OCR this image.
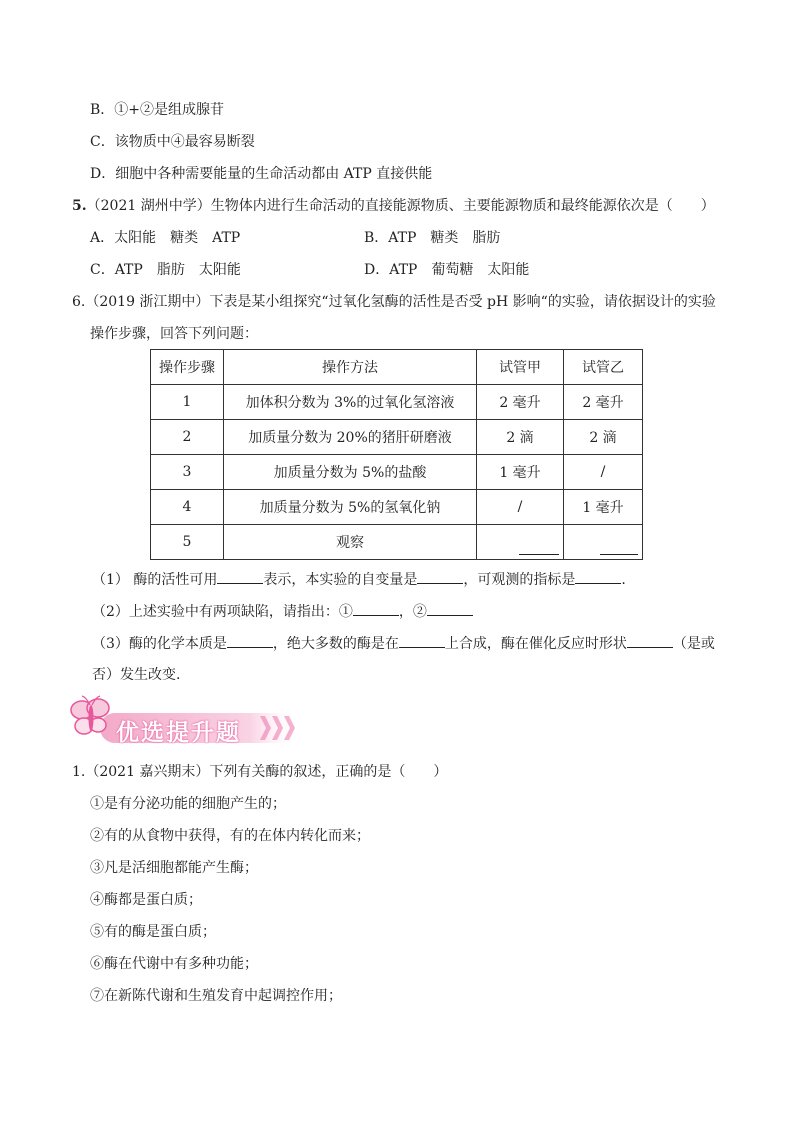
B．①+②是组成腺苷
C．该物质中④最容易断裂
D．细胞中各种需要能量的生命活动都由 ATP 直接供能
5.（2021 湖州中学）生物体内进行生命活动的直接能源物质、主要能源物质和最终能源依次是（　　）
A．太阳能　糖类　ATP	B．ATP　糖类　脂肪
C．ATP　脂肪　太阳能	D．ATP　葡萄糖　太阳能
6.（2019 浙江期中）下表是某小组探究“过氧化氢酶的活性是否受 pH 影响“的实验，请依据设计的实验
操作步骤，回答下列问题：
操作步骤	操作方法	试管甲	试管乙
1	加体积分数为 3%的过氧化氢溶液	2 毫升	2 毫升
2	加质量分数为 20%的猪肝研磨液	2 滴	2 滴
3	加质量分数为 5%的盐酸	1 毫升	/
4	加质量分数为 5%的氢氧化钠	/	1 毫升
5	观察		
（1） 酶的活性可用	表示，本实验的自变量是	，可观测的指标是	.
（2）上述实验中有两项缺陷，请指出：①	，②
（3）酶的化学本质是	，绝大多数的酶是在	上合成，酶在催化反应时形状	（是或
否）发生改变.
优选提升题
1.（2021 嘉兴期末）下列有关酶的叙述，正确的是（　　）
①是有分泌功能的细胞产生的；
②有的从食物中获得，有的在体内转化而来；
③凡是活细胞都能产生酶；
④酶都是蛋白质；
⑤有的酶是蛋白质；
⑥酶在代谢中有多种功能；
⑦在新陈代谢和生殖发育中起调控作用；
